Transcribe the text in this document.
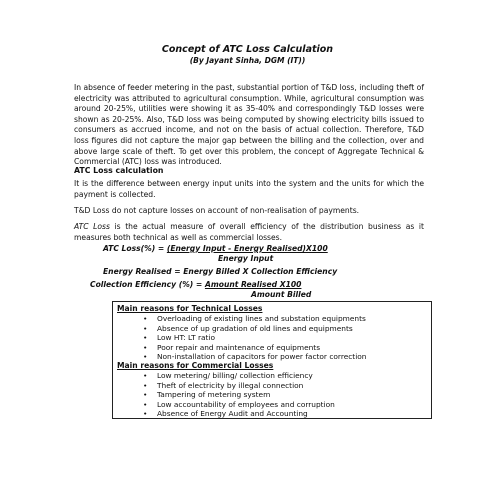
Concept of ATC Loss Calculation
(By Jayant Sinha, DGM (IT))
In absence of feeder metering in the past, substantial portion of T&D loss, including theft of electricity was attributed to agricultural consumption. While, agricultural consumption was around 20-25%, utilities were showing it as 35-40% and correspondingly T&D losses were shown as 20-25%. Also, T&D loss was being computed by showing electricity bills issued to consumers as accrued income, and not on the basis of actual collection. Therefore, T&D loss figures did not capture the major gap between the billing and the collection, over and above large scale of theft. To get over this problem, the concept of Aggregate Technical & Commercial (ATC) loss was introduced.
ATC Loss calculation
It is the difference between energy input units into the system and the units for which the payment is collected.
T&D Loss do not capture losses on account of non-realisation of payments.
ATC Loss is the actual measure of overall efficiency of the distribution business as it measures both technical as well as commercial losses.
ATC Loss(%) = (Energy Input - Energy Realised)X100
Energy Input
Energy Realised = Energy Billed X Collection Efficiency
Collection Efficiency (%) = Amount Realised X100
Amount Billed
Main reasons for Technical Losses
• Overloading of existing lines and substation equipments
• Absence of up gradation of old lines and equipments
• Low HT: LT ratio
• Poor repair and maintenance of equipments
• Non-installation of capacitors for power factor correction
Main reasons for Commercial Losses
• Low metering/ billing/ collection efficiency
• Theft of electricity by illegal connection
• Tampering of metering system
• Low accountability of employees and corruption
• Absence of Energy Audit and Accounting
